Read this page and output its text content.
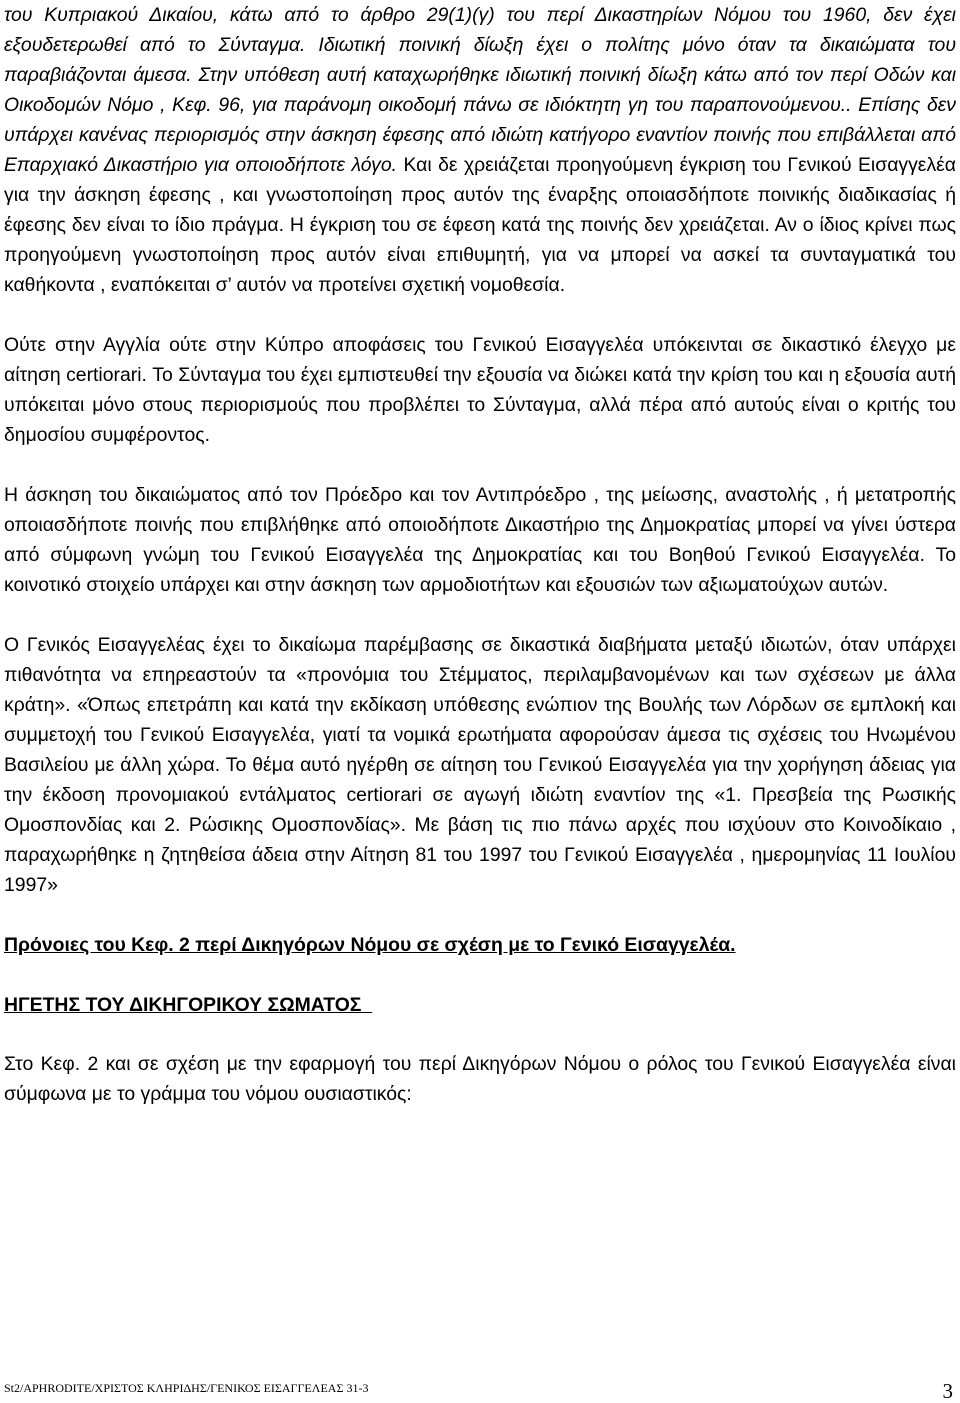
του Κυπριακού Δικαίου, κάτω από το άρθρο 29(1)(γ) του περί Δικαστηρίων Νόμου του 1960, δεν έχει εξουδετερωθεί από το Σύνταγμα. Ιδιωτική ποινική δίωξη έχει ο πολίτης μόνο όταν τα δικαιώματα του παραβιάζονται άμεσα. Στην υπόθεση αυτή καταχωρήθηκε ιδιωτική ποινική δίωξη κάτω από τον περί Οδών και Οικοδομών Νόμο , Κεφ. 96, για παράνομη οικοδομή πάνω σε ιδιόκτητη γη του παραπονούμενου.. Επίσης δεν υπάρχει κανένας περιορισμός στην άσκηση έφεσης από ιδιώτη κατήγορο εναντίον ποινής που επιβάλλεται από Επαρχιακό Δικαστήριο για οποιοδήποτε λόγο. Και δε χρειάζεται προηγούμενη έγκριση του Γενικού Εισαγγελέα για την άσκηση έφεσης , και γνωστοποίηση προς αυτόν της έναρξης οποιασδήποτε ποινικής διαδικασίας ή έφεσης δεν είναι το ίδιο πράγμα. Η έγκριση του σε έφεση κατά της ποινής δεν χρειάζεται. Αν ο ίδιος κρίνει πως προηγούμενη γνωστοποίηση προς αυτόν είναι επιθυμητή, για να μπορεί να ασκεί τα συνταγματικά του καθήκοντα , εναπόκειται σ’ αυτόν να προτείνει σχετική νομοθεσία.

Ούτε στην Αγγλία ούτε στην Κύπρο αποφάσεις του Γενικού Εισαγγελέα υπόκεινται σε δικαστικό έλεγχο με αίτηση certiorari. Το Σύνταγμα του έχει εμπιστευθεί την εξουσία να διώκει κατά την κρίση του και η εξουσία αυτή υπόκειται μόνο στους περιορισμούς που προβλέπει το Σύνταγμα, αλλά πέρα από αυτούς είναι ο κριτής του δημοσίου συμφέροντος.

Η άσκηση του δικαιώματος από τον Πρόεδρο και τον Αντιπρόεδρο , της μείωσης, αναστολής , ή μετατροπής οποιασδήποτε ποινής που επιβλήθηκε από οποιοδήποτε Δικαστήριο της Δημοκρατίας μπορεί να γίνει ύστερα από σύμφωνη γνώμη του Γενικού Εισαγγελέα της Δημοκρατίας και του Βοηθού Γενικού Εισαγγελέα. Το κοινοτικό στοιχείο υπάρχει και στην άσκηση των αρμοδιοτήτων και εξουσιών των αξιωματούχων αυτών.

Ο Γενικός Εισαγγελέας έχει το δικαίωμα παρέμβασης σε δικαστικά διαβήματα μεταξύ ιδιωτών, όταν υπάρχει πιθανότητα να επηρεαστούν τα «προνόμια του Στέμματος, περιλαμβανομένων και των σχέσεων με άλλα κράτη». «Όπως επετράπη και κατά την εκδίκαση υπόθεσης ενώπιον της Βουλής των Λόρδων σε εμπλοκή και συμμετοχή του Γενικού Εισαγγελέα, γιατί τα νομικά ερωτήματα αφορούσαν άμεσα τις σχέσεις του Ηνωμένου Βασιλείου με άλλη χώρα. Το θέμα αυτό ηγέρθη σε αίτηση του Γενικού Εισαγγελέα για την χορήγηση άδειας για την έκδοση προνομιακού εντάλματος certiorari σε αγωγή ιδιώτη εναντίον της «1. Πρεσβεία της Ρωσικής Ομοσπονδίας και 2. Ρώσικης Ομοσπονδίας». Με βάση τις πιο πάνω αρχές που ισχύουν στο Κοινοδίκαιο , παραχωρήθηκε η ζητηθείσα άδεια στην Αίτηση 81 του 1997 του Γενικού Εισαγγελέα , ημερομηνίας 11 Ιουλίου 1997»

Πρόνοιες του Κεφ. 2 περί Δικηγόρων Νόμου σε σχέση με το Γενικό Εισαγγελέα.

ΗΓΕΤΗΣ ΤΟΥ ΔΙΚΗΓΟΡΙΚΟΥ ΣΩΜΑΤΟΣ

Στο Κεφ. 2 και σε σχέση με την εφαρμογή του περί Δικηγόρων Νόμου ο ρόλος του Γενικού Εισαγγελέα είναι σύμφωνα με το γράμμα του νόμου ουσιαστικός:

St2/APHRODITE/ΧΡΙΣΤΟΣ ΚΛΗΡΙΔΗΣ/ΓΕΝΙΚΟΣ ΕΙΣΑΓΓΕΛΕΑΣ 31-3	3
